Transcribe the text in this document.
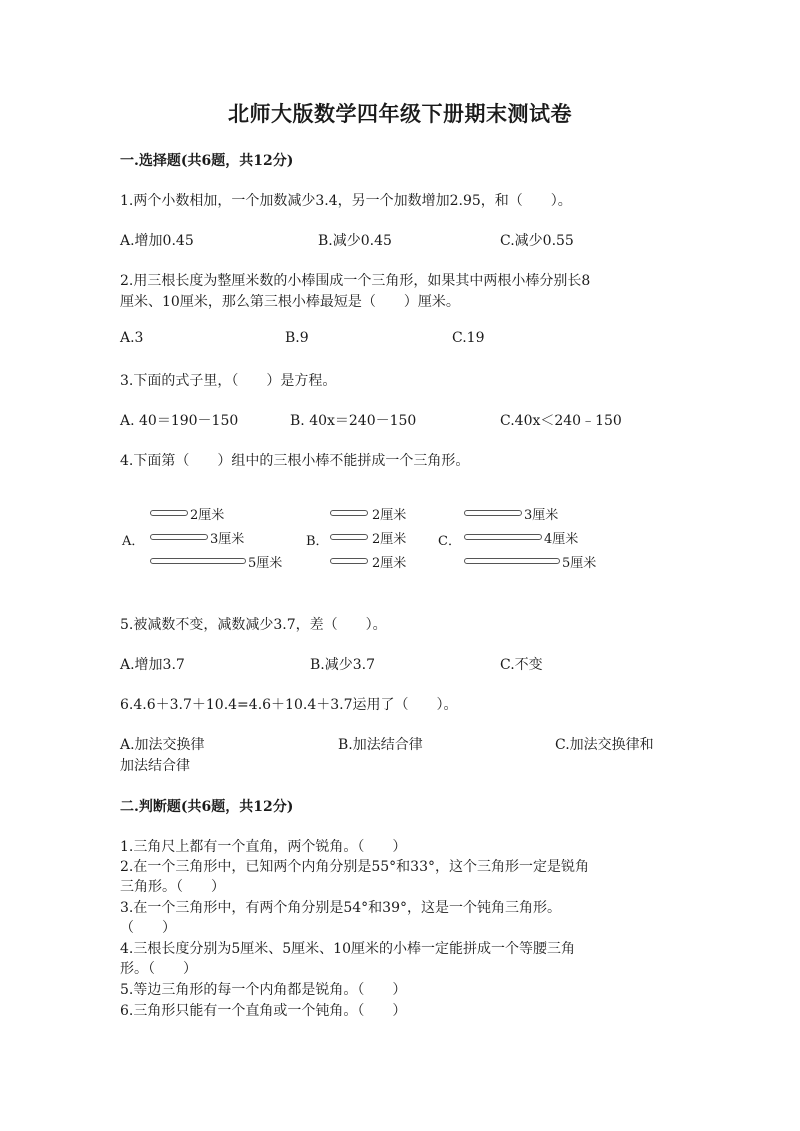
北师大版数学四年级下册期末测试卷
一.选择题(共6题，共12分)
1.两个小数相加，一个加数减少3.4，另一个加数增加2.95，和（　　）。
A.增加0.45	B.减少0.45	C.减少0.55
2.用三根长度为整厘米数的小棒围成一个三角形，如果其中两根小棒分别长8
厘米、10厘米，那么第三根小棒最短是（　　）厘米。
A.3	B.9	C.19
3.下面的式子里，（　　）是方程。
A. 40＝190－150	B. 40x＝240－150	C.40x＜240﹣150
4.下面第（　　）组中的三根小棒不能拼成一个三角形。
A．
2厘米
3厘米
5厘米
B．
2厘米
2厘米
2厘米
C．
3厘米
4厘米
5厘米
5.被减数不变，减数减少3.7，差（　　）。
A.增加3.7	B.减少3.7	C.不变
6.4.6＋3.7＋10.4=4.6＋10.4＋3.7运用了（　　）。
A.加法交换律	B.加法结合律	C.加法交换律和
加法结合律
二.判断题(共6题，共12分)
1.三角尺上都有一个直角，两个锐角。（　　）
2.在一个三角形中，已知两个内角分别是55°和33°，这个三角形一定是锐角
三角形。（　　）
3.在一个三角形中，有两个角分别是54°和39°，这是一个钝角三角形。
（　　）
4.三根长度分别为5厘米、5厘米、10厘米的小棒一定能拼成一个等腰三角
形。（　　）
5.等边三角形的每一个内角都是锐角。（　　）
6.三角形只能有一个直角或一个钝角。（　　）
